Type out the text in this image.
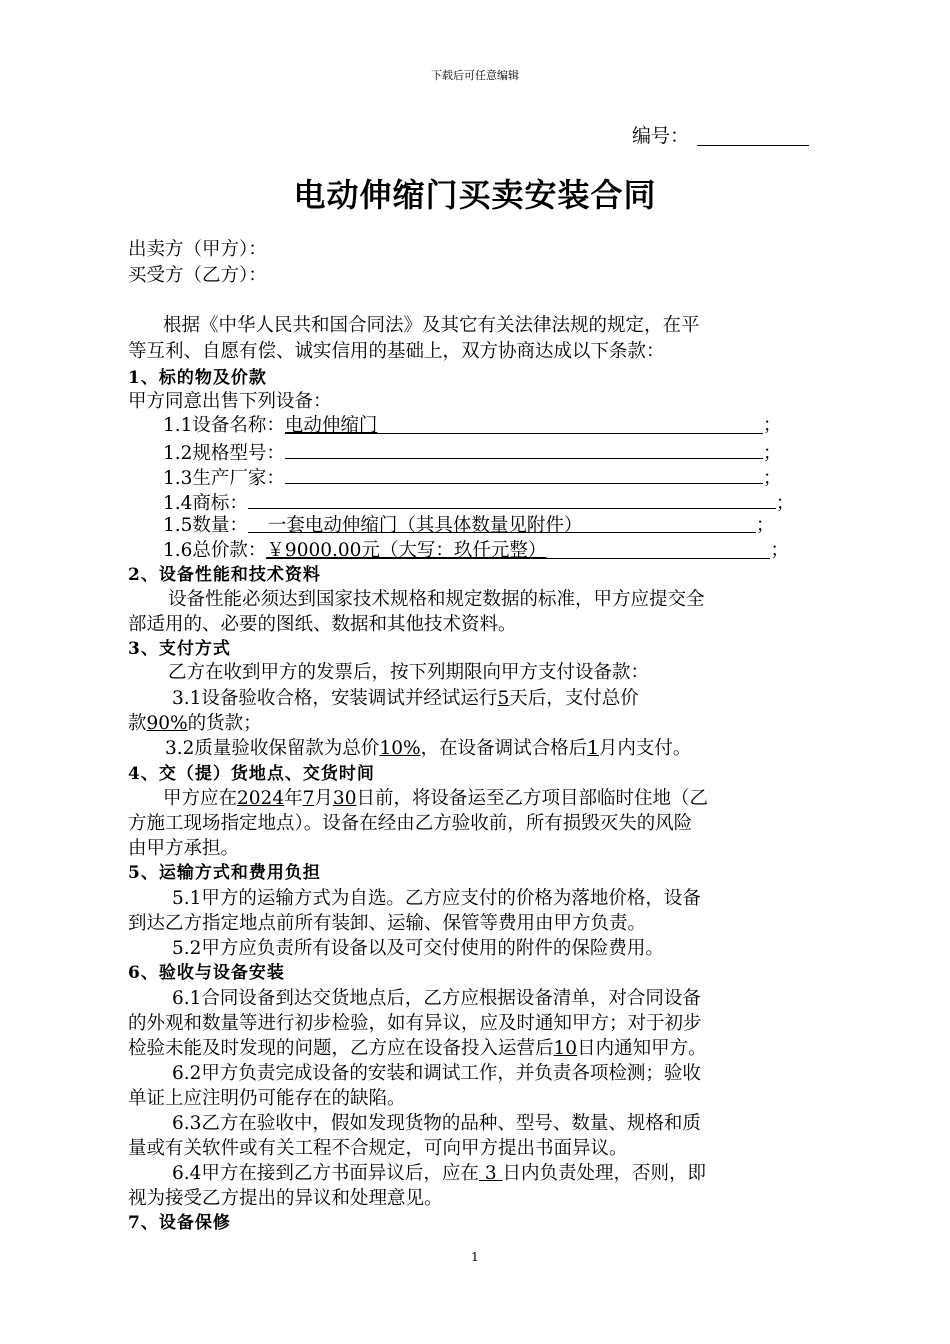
下载后可任意编辑
编号：
电动伸缩门买卖安装合同
出卖方（甲方）：
买受方（乙方）：
根据《中华人民共和国合同法》及其它有关法律法规的规定，在平
等互利、自愿有偿、诚实信用的基础上，双方协商达成以下条款：
1、标的物及价款
甲方同意出售下列设备：
1.1设备名称：电动伸缩门	；
1.2规格型号：	；
1.3生产厂家：	；
1.4商标：	；
1.5数量： 一套电动伸缩门（其具体数量见附件）	；
1.6总价款：￥9000.00元（大写：玖仟元整）	；
2、设备性能和技术资料
设备性能必须达到国家技术规格和规定数据的标准，甲方应提交全
部适用的、必要的图纸、数据和其他技术资料。
3、支付方式
乙方在收到甲方的发票后，按下列期限向甲方支付设备款：
3.1设备验收合格，安装调试并经试运行5天后，支付总价
款90%的货款；
3.2质量验收保留款为总价10%，在设备调试合格后1月内支付。
4、交（提）货地点、交货时间
甲方应在2024年7月30日前，将设备运至乙方项目部临时住地（乙
方施工现场指定地点）。设备在经由乙方验收前，所有损毁灭失的风险
由甲方承担。
5、运输方式和费用负担
5.1甲方的运输方式为自选。乙方应支付的价格为落地价格，设备
到达乙方指定地点前所有装卸、运输、保管等费用由甲方负责。
5.2甲方应负责所有设备以及可交付使用的附件的保险费用。
6、验收与设备安装
6.1合同设备到达交货地点后，乙方应根据设备清单，对合同设备
的外观和数量等进行初步检验，如有异议，应及时通知甲方；对于初步
检验未能及时发现的问题，乙方应在设备投入运营后10日内通知甲方。
6.2甲方负责完成设备的安装和调试工作，并负责各项检测；验收
单证上应注明仍可能存在的缺陷。
6.3乙方在验收中，假如发现货物的品种、型号、数量、规格和质
量或有关软件或有关工程不合规定，可向甲方提出书面异议。
6.4甲方在接到乙方书面异议后，应在 3 日内负责处理，否则，即
视为接受乙方提出的异议和处理意见。
7、设备保修
1
